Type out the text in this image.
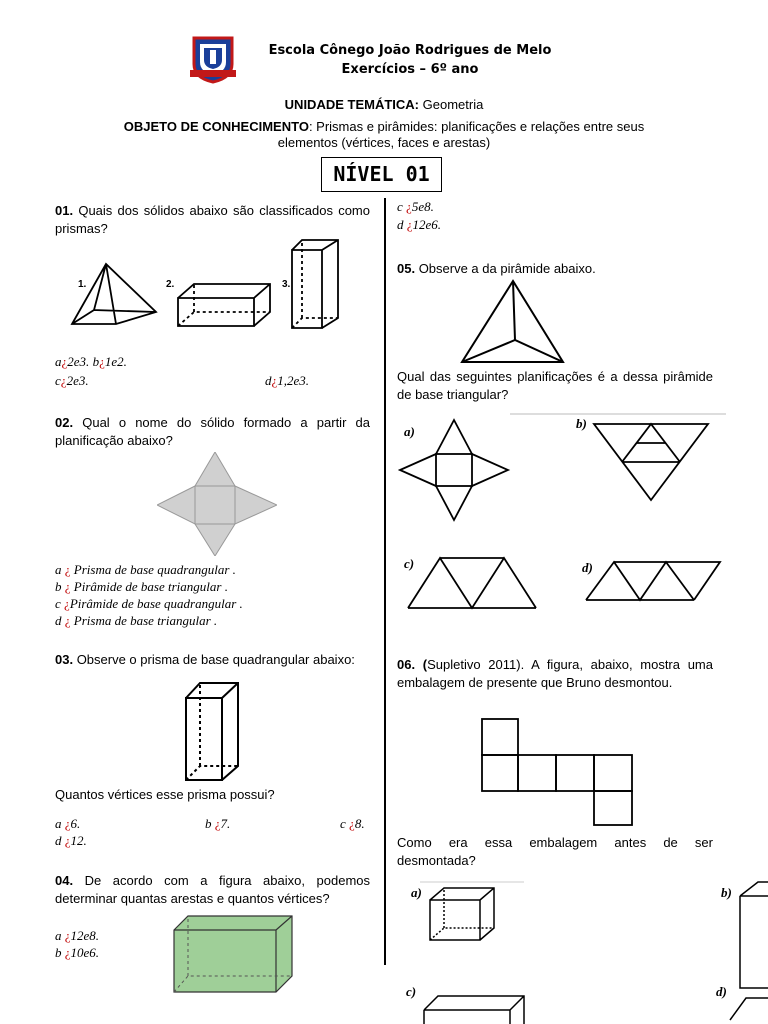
Escola Cônego João Rodrigues de Melo
Exercícios – 6º ano
UNIDADE TEMÁTICA: Geometria
OBJETO DE CONHECIMENTO: Prismas e pirâmides: planificações e relações entre seus
elementos (vértices, faces e arestas)
NÍVEL 01
01. Quais dos sólidos abaixo são classificados como prismas?
1.	2.	3.
a¿2e3. b¿1e2.
c¿2e3.	d¿1,2e3.
02. Qual o nome do sólido formado a partir da planificação abaixo?
a ¿ Prisma de base quadrangular .
b ¿ Pirâmide de base triangular .
c ¿Pirâmide de base quadrangular .
d ¿ Prisma de base triangular .
03. Observe o prisma de base quadrangular abaixo:
Quantos vértices esse prisma possui?
a ¿6.	b ¿7.	c ¿8.
d ¿12.
04. De acordo com a figura abaixo, podemos determinar quantas arestas e quantos vértices?
a ¿12e8.
b ¿10e6.
c ¿5e8.
d ¿12e6.
05. Observe a da pirâmide abaixo.
Qual das seguintes planificações é a dessa pirâmide de base triangular?
a)
b)
c)	d)
06. (Supletivo 2011). A figura, abaixo, mostra uma embalagem de presente que Bruno desmontou.
Como era essa embalagem antes de ser desmontada?
a)	b)
c)	d)
